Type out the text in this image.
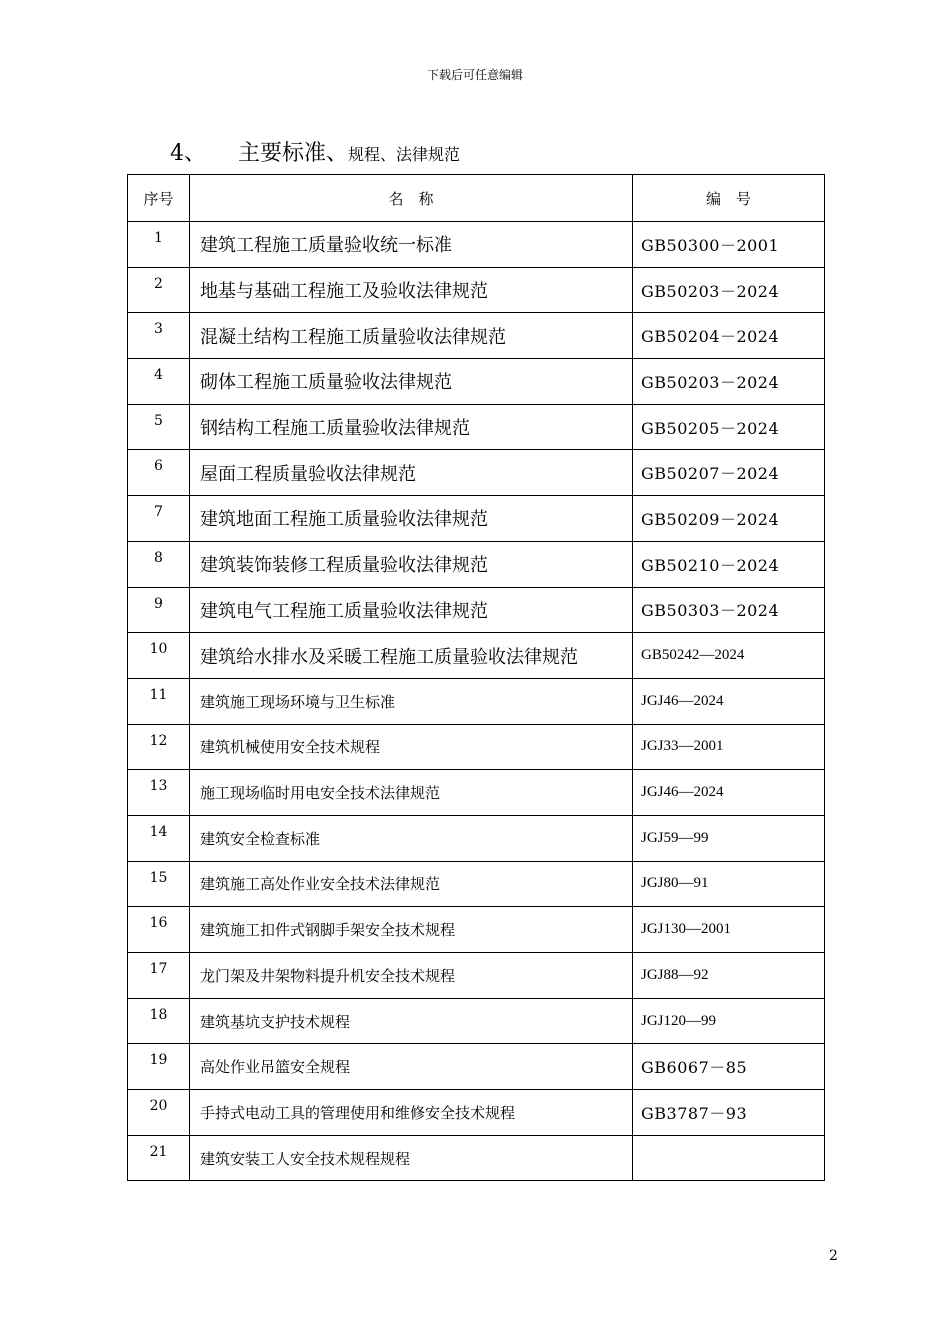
下载后可任意编辑
4、 主要标准、规程、法律规范
序号	名　称	编　号
1	建筑工程施工质量验收统一标准	GB50300－2001
2	地基与基础工程施工及验收法律规范	GB50203－2024
3	混凝土结构工程施工质量验收法律规范	GB50204－2024
4	砌体工程施工质量验收法律规范	GB50203－2024
5	钢结构工程施工质量验收法律规范	GB50205－2024
6	屋面工程质量验收法律规范	GB50207－2024
7	建筑地面工程施工质量验收法律规范	GB50209－2024
8	建筑装饰装修工程质量验收法律规范	GB50210－2024
9	建筑电气工程施工质量验收法律规范	GB50303－2024
10	建筑给水排水及采暖工程施工质量验收法律规范	GB50242—2024
11	建筑施工现场环境与卫生标准	JGJ46—2024
12	建筑机械使用安全技术规程	JGJ33—2001
13	施工现场临时用电安全技术法律规范	JGJ46—2024
14	建筑安全检查标准	JGJ59—99
15	建筑施工高处作业安全技术法律规范	JGJ80—91
16	建筑施工扣件式钢脚手架安全技术规程	JGJ130—2001
17	龙门架及井架物料提升机安全技术规程	JGJ88—92
18	建筑基坑支护技术规程	JGJ120—99
19	高处作业吊篮安全规程	GB6067－85
20	手持式电动工具的管理使用和维修安全技术规程	GB3787－93
21	建筑安装工人安全技术规程规程	
2
